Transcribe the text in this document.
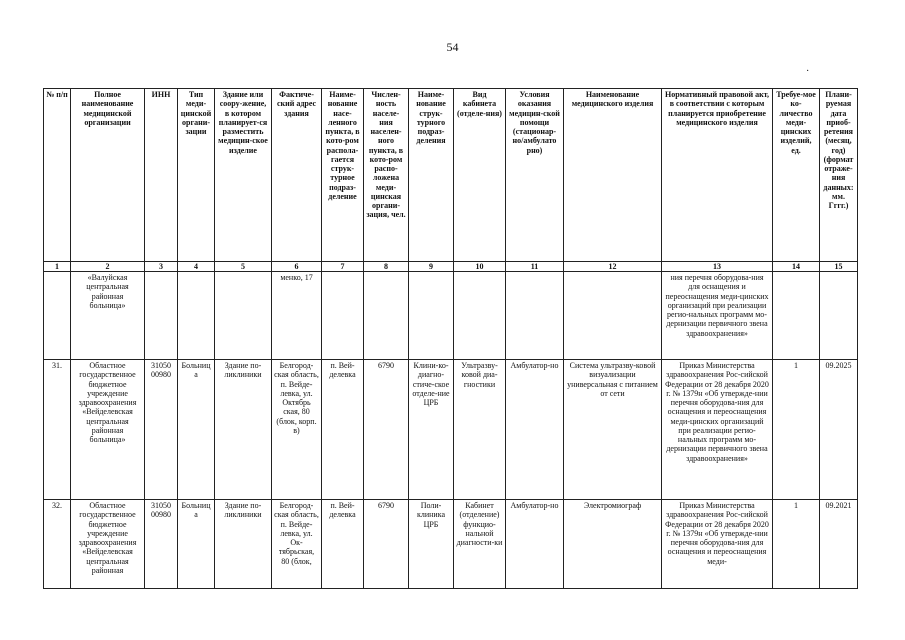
54
·
№ п/п	Полное наименование медицинской организации	ИНН	Тип меди-цинской органи-зации	Здание или соору-жение, в котором планирует-ся разместить медицин-ское изделие	Фактиче-ский адрес здания	Наиме-нование насе-ленного пункта, в кото-ром распола-гается струк-турное подраз-деление	Числен-ность населе-ния населен-ного пункта, в кото-ром распо-ложена меди-цинская органи-зация, чел.	Наиме-нование струк-турного подраз-деления	Вид кабинета (отделе-ния)	Условия оказания медицин-ской помощи (стационар-но/амбулато рно)	Наименование медицинского изделия	Нормативный правовой акт, в соответствии с которым планируется приобретение медицинского изделия	Требуе-мое ко-личество меди-цинских изделий, ед.	Плани-руемая дата приоб-ретения (месяц, год) (формат отраже-ния данных: мм. Гггг.)
1	2	3	4	5	6	7	8	9	10	11	12	13	14	15
	«Валуйская центральная районная больница»				менко, 17							ния перечня оборудова-ния для оснащения и переоснащения меди-цинских организаций при реализации регио-нальных программ мо-дернизации первичного звена здравоохранения»		
31.	Областное государственное бюджетное учреждение здравоохранения «Вейделевская центральная районная больница»	31050 00980	Больница	Здание по-ликлиники	Белгород-ская область, п. Вейде-левка, ул. Октябрь ская, 80 (блок, корп. в)	п. Вей-делевка	6790	Клини-ко-диагно-стиче-ское отделе-ние ЦРБ	Ультразву-ковой диа-гностики	Амбулатор-но	Система ультразву-ковой визуализации универсальная с питанием от сети	Приказ Министерства здравоохранения Рос-сийской Федерации от 28 декабря 2020 г. № 1379н «Об утвержде-нии перечня оборудова-ния для оснащения и переоснащения меди-цинских организаций при реализации регио-нальных программ мо-дернизации первичного звена здравоохранения»	1	09.2025
32.	Областное государственное бюджетное учреждение здравоохранения «Вейделевская центральная районная	31050 00980	Больница	Здание по-ликлиники	Белгород-ская область, п. Вейде-левка, ул. Ок-тябрьская, 80 (блок,	п. Вей-делевка	6790	Поли-клиника ЦРБ	Кабинет (отделение) функцио-нальной диагности-ки	Амбулатор-но	Электромиограф	Приказ Министерства здравоохранения Рос-сийской Федерации от 28 декабря 2020 г. № 1379н «Об утвержде-нии перечня оборудова-ния для оснащения и переоснащения меди-	1	09.2021
